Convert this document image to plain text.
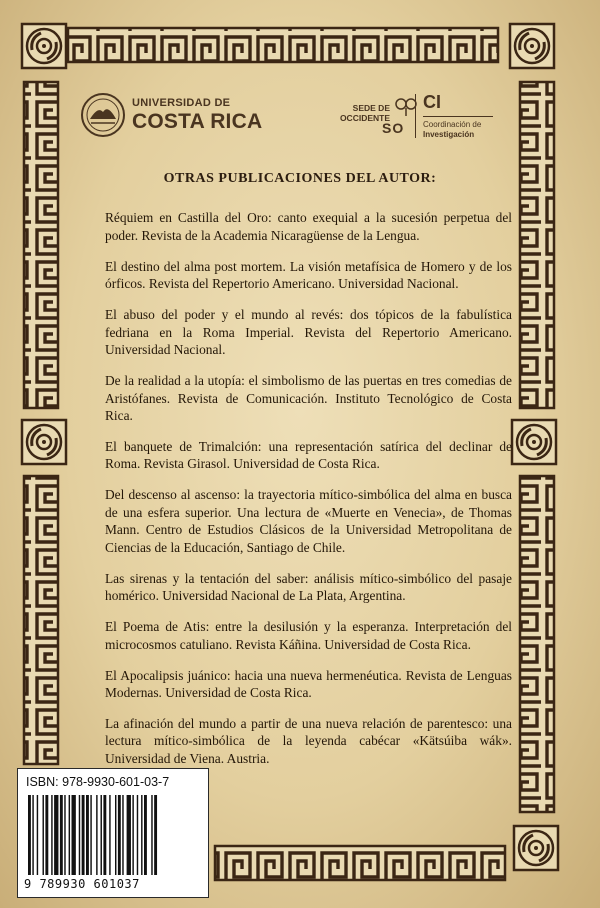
UNIVERSIDAD DE
COSTA RICA
SEDE DE
OCCIDENTE
SO
CI
Coordinación de
Investigación
OTRAS PUBLICACIONES DEL AUTOR:

Réquiem en Castilla del Oro: canto exequial a la sucesión perpetua del poder. Revista de la Academia Nicaragüense de la Lengua.

El destino del alma post mortem. La visión metafísica de Homero y de los órficos. Revista del Repertorio Americano. Universidad Nacional.

El abuso del poder y el mundo al revés: dos tópicos de la fabulística fedriana en la Roma Imperial. Revista del Repertorio Americano. Universidad Nacional.

De la realidad a la utopía: el simbolismo de las puertas en tres comedias de Aristófanes. Revista de Comunicación. Instituto Tecnológico de Costa Rica.

El banquete de Trimalción: una representación satírica del declinar de Roma. Revista Girasol. Universidad de Costa Rica.

Del descenso al ascenso: la trayectoria mítico-simbólica del alma en busca de una esfera superior. Una lectura de «Muerte en Venecia», de Thomas Mann. Centro de Estudios Clásicos de la Universidad Metropolitana de Ciencias de la Educación, Santiago de Chile.

Las sirenas y la tentación del saber: análisis mítico-simbólico del pasaje homérico. Universidad Nacional de La Plata, Argentina.

El Poema de Atis: entre la desilusión y la esperanza. Interpretación del microcosmos catuliano. Revista Káñina. Universidad de Costa Rica.

El Apocalipsis juánico: hacia una nueva hermenéutica. Revista de Lenguas Modernas. Universidad de Costa Rica.

La afinación del mundo a partir de una nueva relación de parentesco: una lectura mítico-simbólica de la leyenda cabécar «Kätsúiba wák». Universidad de Viena. Austria.

ISBN: 978-9930-601-03-7
9 789930 601037
